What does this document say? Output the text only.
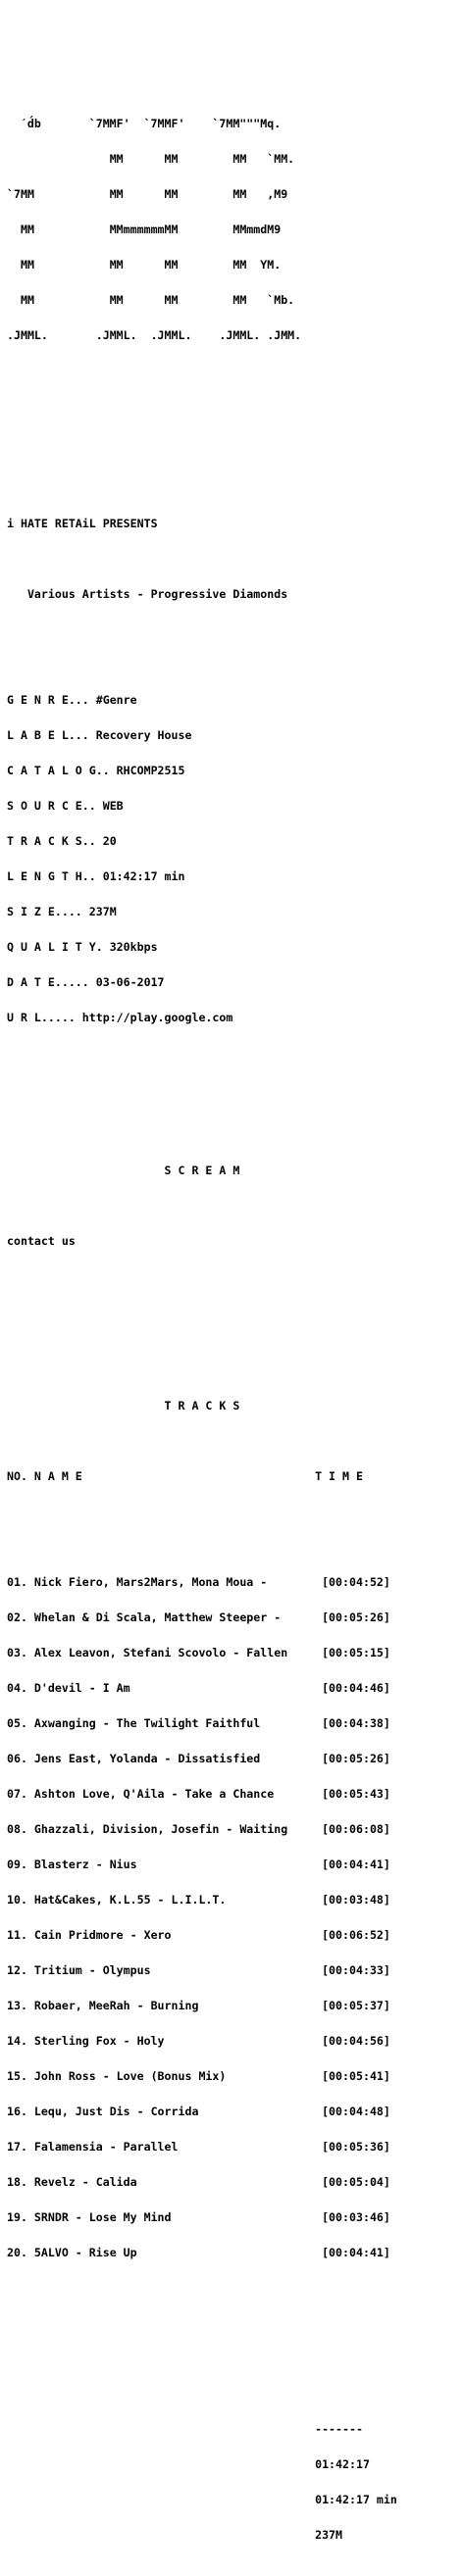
ˊd́b       `7MMF'  `7MMF'    `7MM"""Mq.

MM      MM        MM   `MM.

`7MM           MM      MM        MM   ,M9

MM           MMmmmmmmMM        MMmmdM9

MM           MM      MM        MM  YM.

MM           MM      MM        MM   `Mb.

.JMML.       .JMML.  .JMML.    .JMML. .JMM.

i HATE RETAiL PRESENTS

Various Artists - Progressive Diamonds

G E N R E... #Genre

L A B E L... Recovery House

C A T A L O G.. RHCOMP2515

S O U R C E.. WEB

T R A C K S.. 20

L E N G T H.. 01:42:17 min

S I Z E.... 237M

Q U A L I T Y. 320kbps

D A T E..... 03-06-2017

U R L..... http://play.google.com

S C R E A M

contact us

T R A C K S

NO. N A M E                                  T I M E

01. Nick Fiero, Mars2Mars, Mona Moua -        [00:04:52]

02. Whelan & Di Scala, Matthew Steeper -      [00:05:26]

03. Alex Leavon, Stefani Scovolo - Fallen     [00:05:15]

04. D'devil - I Am                            [00:04:46]

05. Axwanging - The Twilight Faithful         [00:04:38]

06. Jens East, Yolanda - Dissatisfied         [00:05:26]

07. Ashton Love, Q'Aila - Take a Chance       [00:05:43]

08. Ghazzali, Division, Josefin - Waiting     [00:06:08]

09. Blasterz - Nius                           [00:04:41]

10. Hat&Cakes, K.L.55 - L.I.L.T.              [00:03:48]

11. Cain Pridmore - Xero                      [00:06:52]

12. Tritium - Olympus                         [00:04:33]

13. Robaer, MeeRah - Burning                  [00:05:37]

14. Sterling Fox - Holy                       [00:04:56]

15. John Ross - Love (Bonus Mix)              [00:05:41]

16. Lequ, Just Dis - Corrida                  [00:04:48]

17. Falamensia - Parallel                     [00:05:36]

18. Revelz - Calida                           [00:05:04]

19. SRNDR - Lose My Mind                      [00:03:46]

20. 5ALVO - Rise Up                           [00:04:41]

-------

01:42:17

01:42:17 min

237M
